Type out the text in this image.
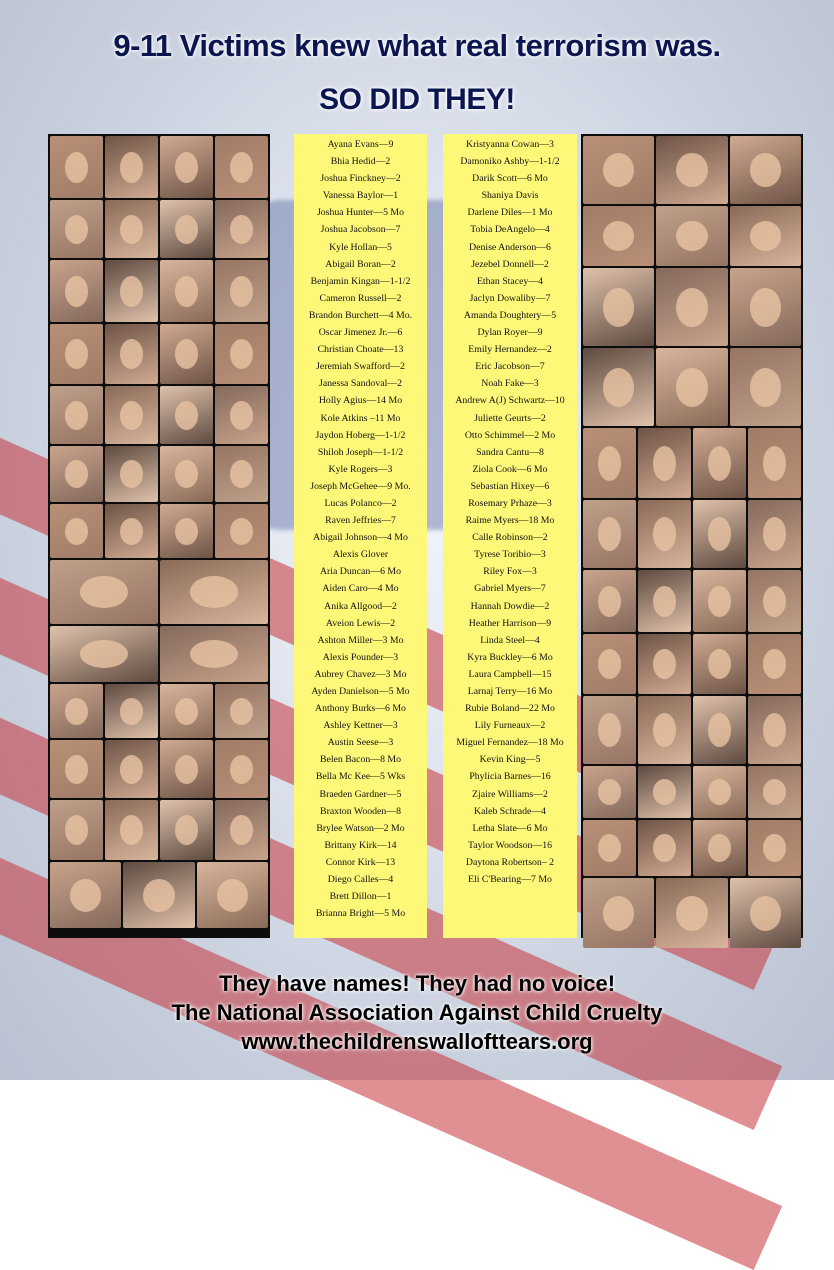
9-11 Victims knew what real terrorism was.
SO DID THEY!
Ayana Evans—9
Bhia Hedid—2
Joshua Finckney—2
Vanessa Baylor—1
Joshua Hunter—5 Mo
Joshua Jacobson—7
Kyle Hollan—5
Abigail Boran—2
Benjamin Kingan—1-1/2
Cameron Russell—2
Brandon Burchett—4 Mo.
Oscar Jimenez Jr.—6
Christian Choate—13
Jeremiah Swafford—2
Janessa Sandoval—2
Holly Agius—14 Mo
Kole Atkins –11 Mo
Jaydon Hoberg—1-1/2
Shiloh Joseph—1-1/2
Kyle Rogers—3
Joseph McGehee—9 Mo.
Lucas Polanco—2
Raven Jeffries—7
Abigail Johnson—4 Mo
Alexis Glover
Aria Duncan—6 Mo
Aiden Caro—4 Mo
Anika Allgood—2
Aveion Lewis—2
Ashton Miller—3 Mo
Alexis Pounder—3
Aubrey Chavez—3 Mo
Ayden Danielson—5 Mo
Anthony Burks—6 Mo
Ashley Kettner—3
Austin Seese—3
Belen Bacon—8 Mo
Bella Mc Kee—5 Wks
Braeden Gardner—5
Braxton Wooden—8
Brylee Watson—2 Mo
Brittany Kirk—14
Connor Kirk—13
Diego Calles—4
Brett Dillon—1
Brianna Bright—5 Mo
Kristyanna Cowan—3
Damoniko Ashby—1-1/2
Darik Scott—6 Mo
Shaniya Davis
Darlene Diles—1 Mo
Tobia DeAngelo—4
Denise Anderson—6
Jezebel Donnell—2
Ethan Stacey—4
Jaclyn Dowaliby—7
Amanda Doughtery—5
Dylan Royer—9
Emily Hernandez—2
Eric Jacobson—7
Noah Fake—3
Andrew A(J) Schwartz—10
Juliette Geurts—2
Otto Schimmel—2 Mo
Sandra Cantu—8
Ziola Cook—6 Mo
Sebastian Hixey—6
Rosemary Prhaze—3
Raime Myers—18 Mo
Calle Robinson—2
Tyrese Toribio—3
Riley Fox—3
Gabriel Myers—7
Hannah Dowdie—2
Heather Harrison—9
Linda Steel—4
Kyra Buckley—6 Mo
Laura Campbell—15
Larnaj Terry—16 Mo
Rubie Boland—22 Mo
Lily Furneaux—2
Miguel Fernandez—18 Mo
Kevin King—5
Phylicia Barnes—16
Zjaire Williams—2
Kaleb Schrade—4
Letha Slate—6 Mo
Taylor Woodson—16
Daytona Robertson– 2
Eli C'Bearing—7 Mo
They have names! They had no voice!
The National Association Against Child Cruelty
www.thechildrenswallofttears.org
